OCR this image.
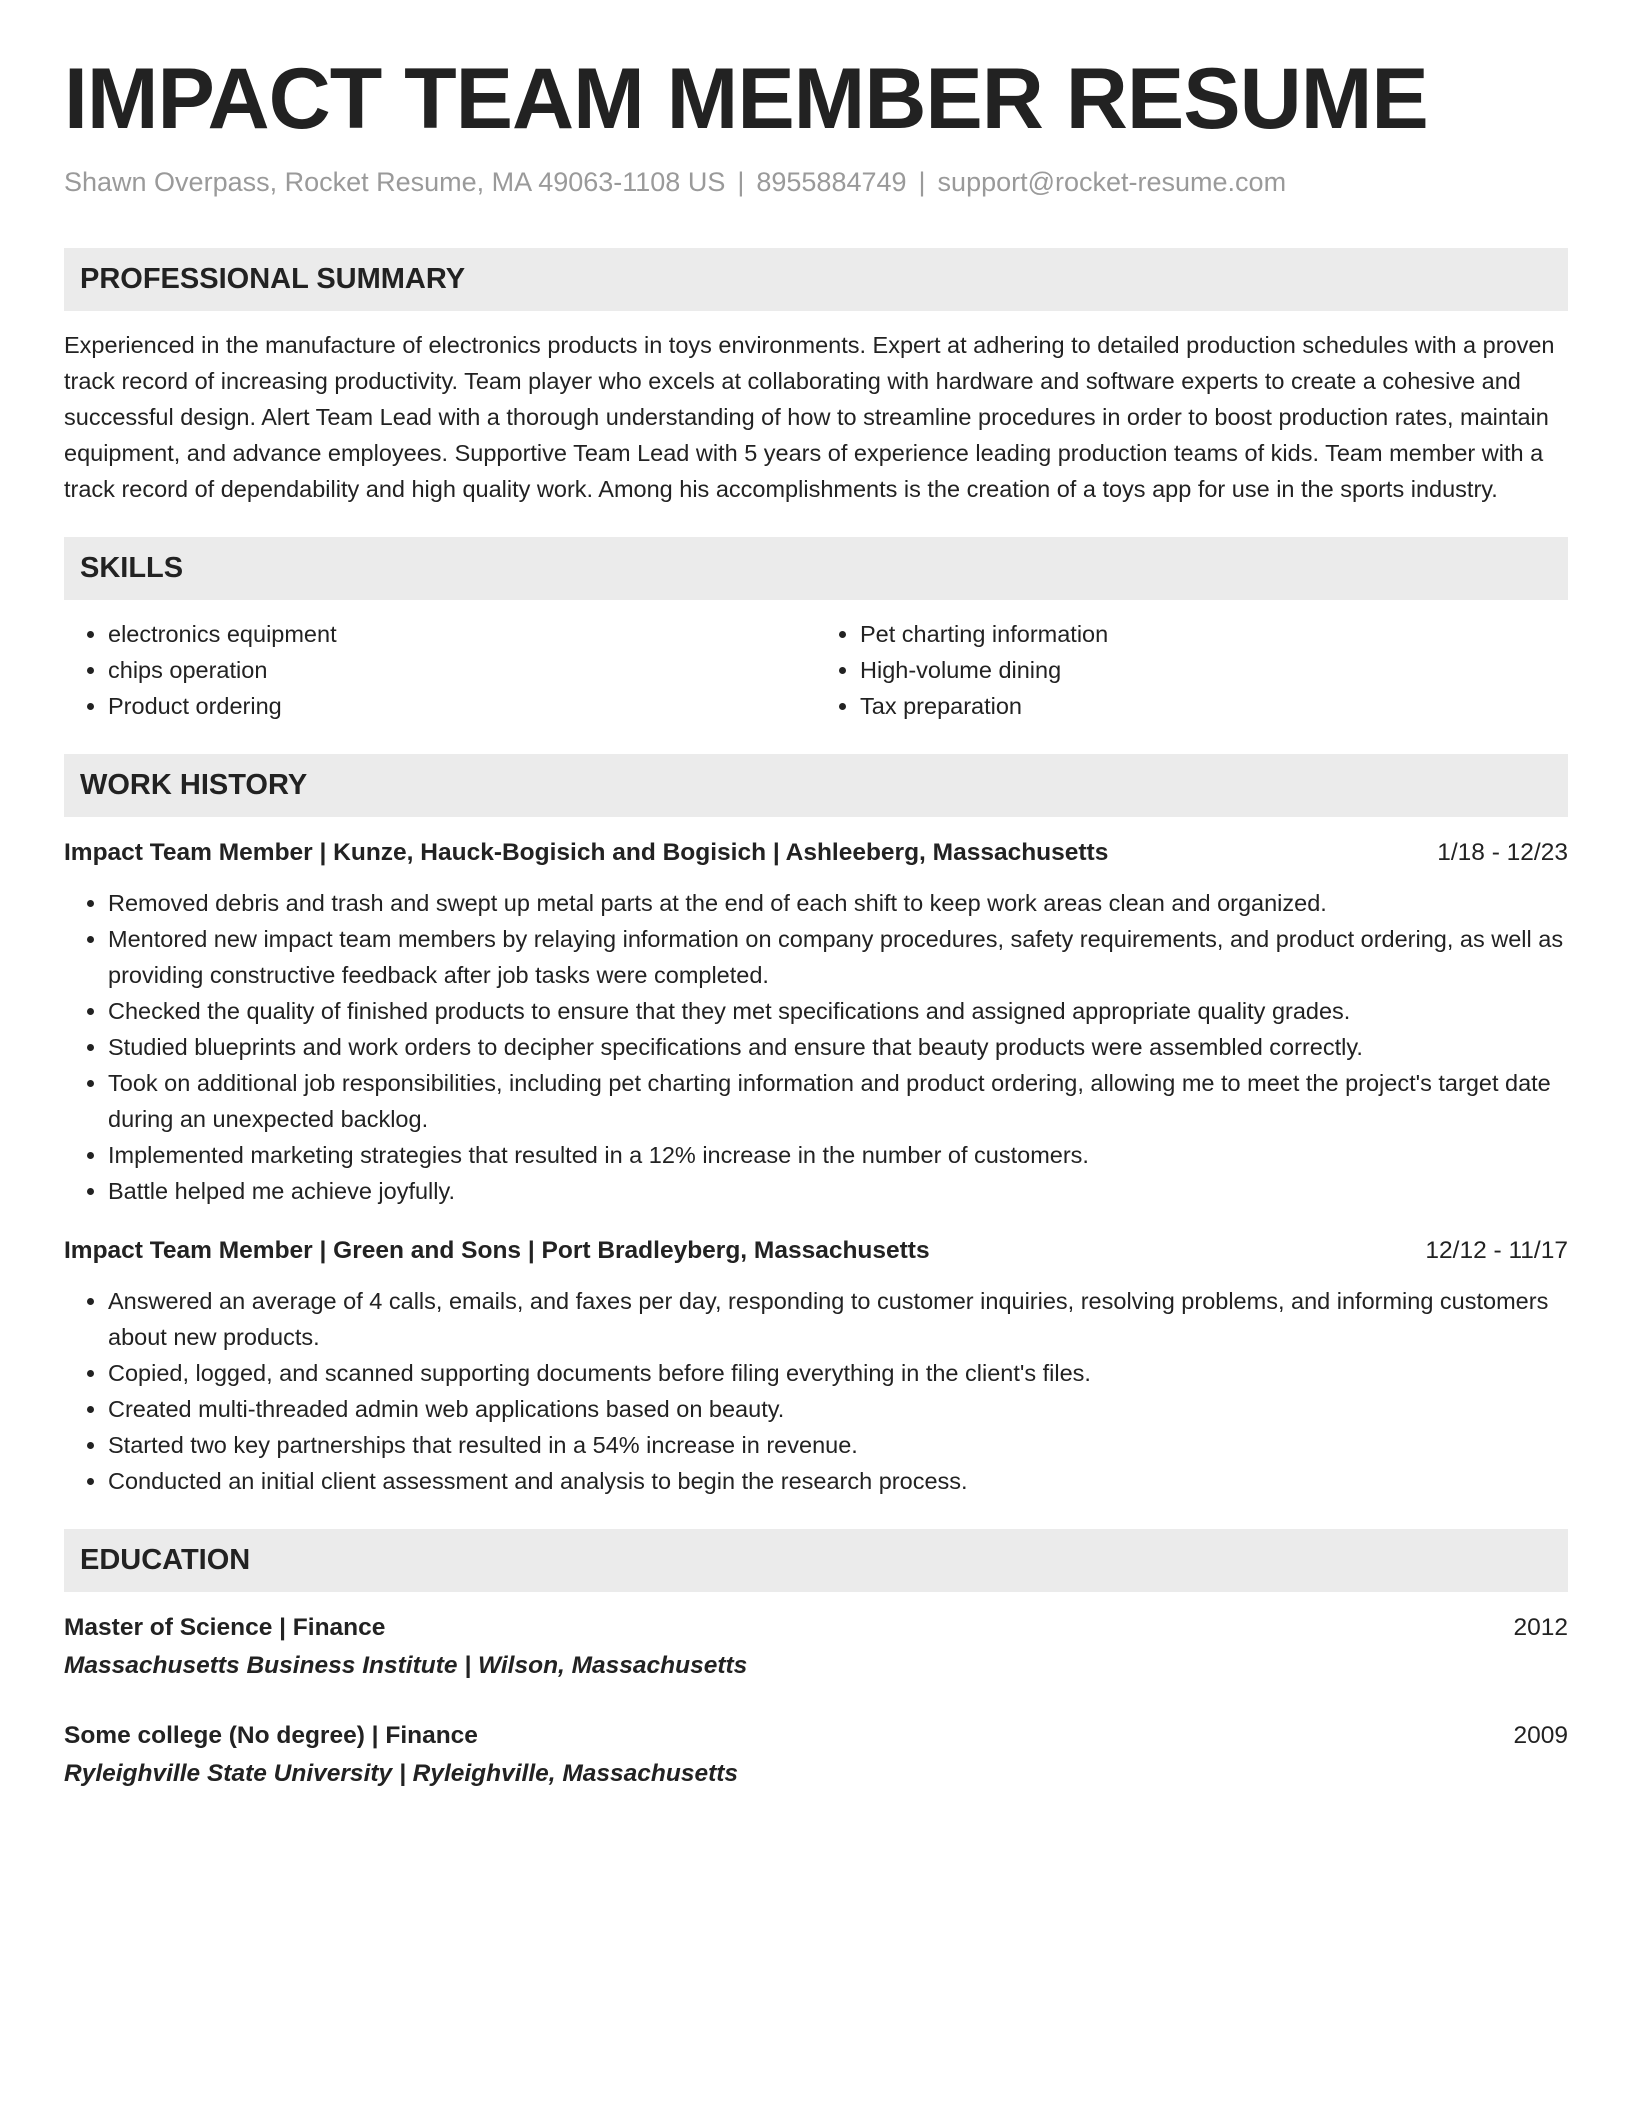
IMPACT TEAM MEMBER RESUME
Shawn Overpass, Rocket Resume, MA 49063-1108 US | 8955884749 | support@rocket-resume.com
PROFESSIONAL SUMMARY
Experienced in the manufacture of electronics products in toys environments. Expert at adhering to detailed production schedules with a proven track record of increasing productivity. Team player who excels at collaborating with hardware and software experts to create a cohesive and successful design. Alert Team Lead with a thorough understanding of how to streamline procedures in order to boost production rates, maintain equipment, and advance employees. Supportive Team Lead with 5 years of experience leading production teams of kids. Team member with a track record of dependability and high quality work. Among his accomplishments is the creation of a toys app for use in the sports industry.
SKILLS
• electronics equipment
• chips operation
• Product ordering
• Pet charting information
• High-volume dining
• Tax preparation
WORK HISTORY
Impact Team Member | Kunze, Hauck-Bogisich and Bogisich | Ashleeberg, Massachusetts	1/18 - 12/23
• Removed debris and trash and swept up metal parts at the end of each shift to keep work areas clean and organized.
• Mentored new impact team members by relaying information on company procedures, safety requirements, and product ordering, as well as providing constructive feedback after job tasks were completed.
• Checked the quality of finished products to ensure that they met specifications and assigned appropriate quality grades.
• Studied blueprints and work orders to decipher specifications and ensure that beauty products were assembled correctly.
• Took on additional job responsibilities, including pet charting information and product ordering, allowing me to meet the project's target date during an unexpected backlog.
• Implemented marketing strategies that resulted in a 12% increase in the number of customers.
• Battle helped me achieve joyfully.
Impact Team Member | Green and Sons | Port Bradleyberg, Massachusetts	12/12 - 11/17
• Answered an average of 4 calls, emails, and faxes per day, responding to customer inquiries, resolving problems, and informing customers about new products.
• Copied, logged, and scanned supporting documents before filing everything in the client's files.
• Created multi-threaded admin web applications based on beauty.
• Started two key partnerships that resulted in a 54% increase in revenue.
• Conducted an initial client assessment and analysis to begin the research process.
EDUCATION
Master of Science | Finance	2012
Massachusetts Business Institute | Wilson, Massachusetts
Some college (No degree) | Finance	2009
Ryleighville State University | Ryleighville, Massachusetts
